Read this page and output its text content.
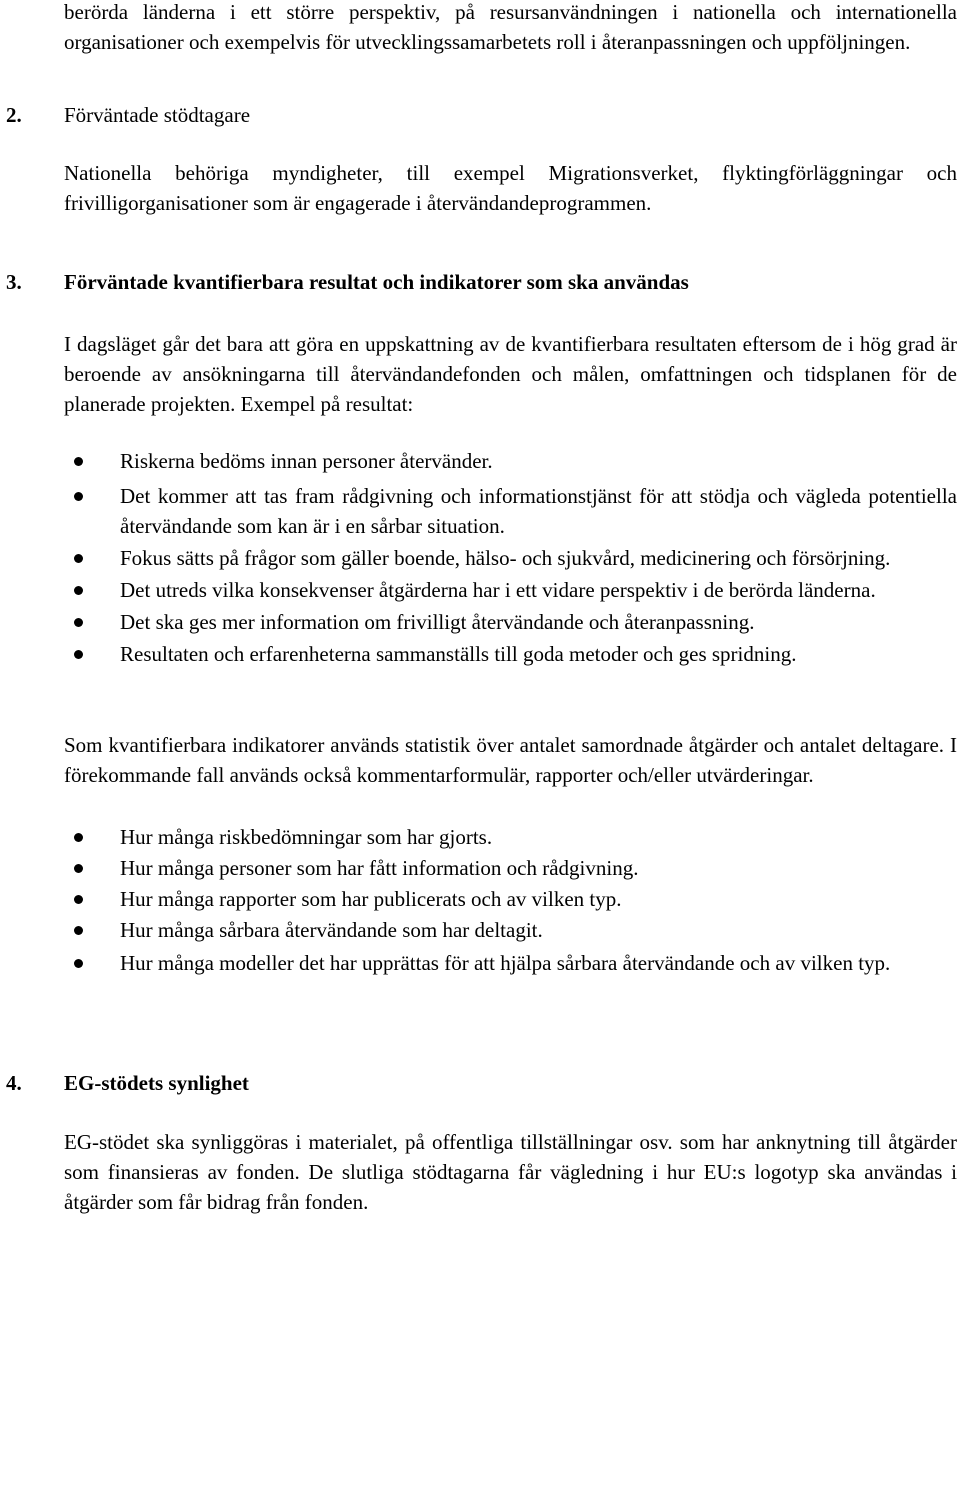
berörda länderna i ett större perspektiv, på resursanvändningen i nationella och internationella organisationer och exempelvis för utvecklingssamarbetets roll i återanpassningen och uppföljningen.

2.	Förväntade stödtagare

Nationella behöriga myndigheter, till exempel Migrationsverket, flyktingförläggningar och frivilligorganisationer som är engagerade i återvändandeprogrammen.

3.	Förväntade kvantifierbara resultat och indikatorer som ska användas

I dagsläget går det bara att göra en uppskattning av de kvantifierbara resultaten eftersom de i hög grad är beroende av ansökningarna till återvändandefonden och målen, omfattningen och tidsplanen för de planerade projekten. Exempel på resultat:

Riskerna bedöms innan personer återvänder.
Det kommer att tas fram rådgivning och informationstjänst för att stödja och vägleda potentiella återvändande som kan är i en sårbar situation.
Fokus sätts på frågor som gäller boende, hälso- och sjukvård, medicinering och försörjning.
Det utreds vilka konsekvenser åtgärderna har i ett vidare perspektiv i de berörda länderna.
Det ska ges mer information om frivilligt återvändande och återanpassning.
Resultaten och erfarenheterna sammanställs till goda metoder och ges spridning.

Som kvantifierbara indikatorer används statistik över antalet samordnade åtgärder och antalet deltagare. I förekommande fall används också kommentarformulär, rapporter och/eller utvärderingar.

Hur många riskbedömningar som har gjorts.
Hur många personer som har fått information och rådgivning.
Hur många rapporter som har publicerats och av vilken typ.
Hur många sårbara återvändande som har deltagit.
Hur många modeller det har upprättas för att hjälpa sårbara återvändande och av vilken typ.
4.	EG-stödets synlighet

EG-stödet ska synliggöras i materialet, på offentliga tillställningar osv. som har anknytning till åtgärder som finansieras av fonden. De slutliga stödtagarna får vägledning i hur EU:s logotyp ska användas i åtgärder som får bidrag från fonden.
